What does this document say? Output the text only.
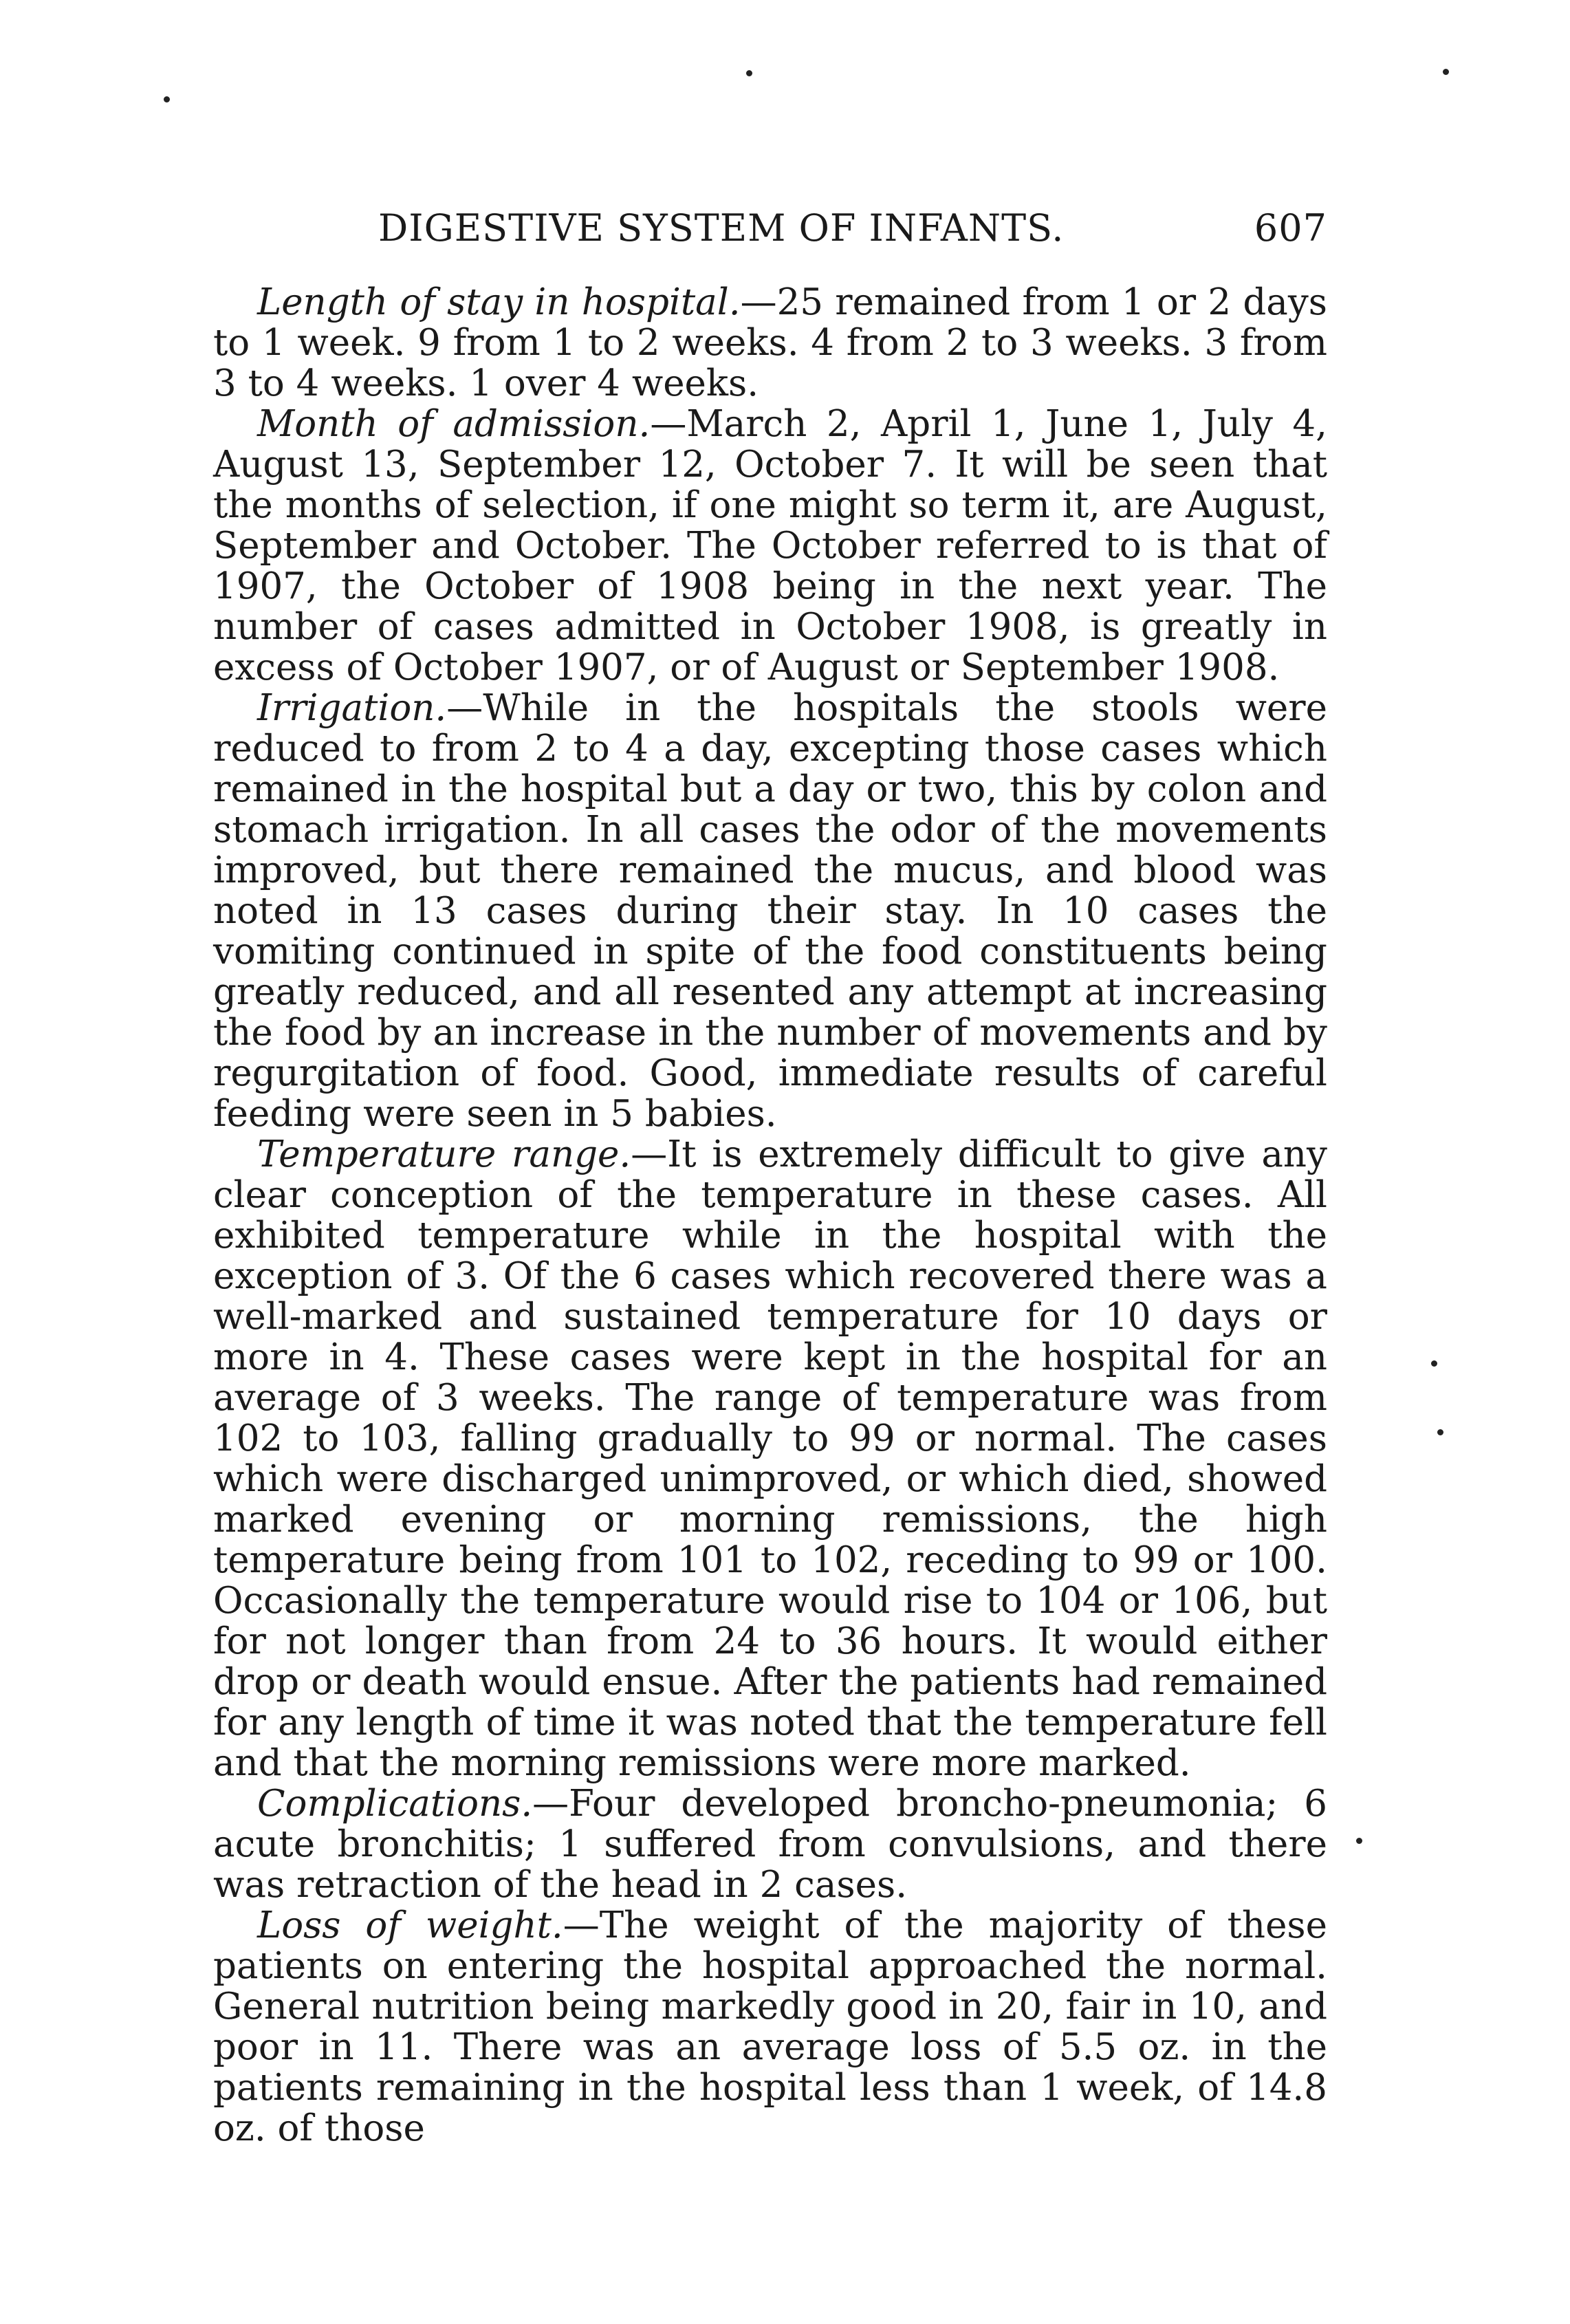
DIGESTIVE SYSTEM OF INFANTS.	607

Length of stay in hospital.—25 remained from 1 or 2 days to 1 week. 9 from 1 to 2 weeks. 4 from 2 to 3 weeks. 3 from 3 to 4 weeks. 1 over 4 weeks.

Month of admission.—March 2, April 1, June 1, July 4, August 13, September 12, October 7. It will be seen that the months of selection, if one might so term it, are August, September and October. The October referred to is that of 1907, the October of 1908 being in the next year. The number of cases admitted in October 1908, is greatly in excess of October 1907, or of August or September 1908.

Irrigation.—While in the hospitals the stools were reduced to from 2 to 4 a day, excepting those cases which remained in the hospital but a day or two, this by colon and stomach irrigation. In all cases the odor of the movements improved, but there remained the mucus, and blood was noted in 13 cases during their stay. In 10 cases the vomiting continued in spite of the food constituents being greatly reduced, and all resented any attempt at increasing the food by an increase in the number of movements and by regurgitation of food. Good, immediate results of careful feeding were seen in 5 babies.

Temperature range.—It is extremely difficult to give any clear conception of the temperature in these cases. All exhibited temperature while in the hospital with the exception of 3. Of the 6 cases which recovered there was a well-marked and sustained temperature for 10 days or more in 4. These cases were kept in the hospital for an average of 3 weeks. The range of temperature was from 102 to 103, falling gradually to 99 or normal. The cases which were discharged unimproved, or which died, showed marked evening or morning remissions, the high temperature being from 101 to 102, receding to 99 or 100. Occasionally the temperature would rise to 104 or 106, but for not longer than from 24 to 36 hours. It would either drop or death would ensue. After the patients had remained for any length of time it was noted that the temperature fell and that the morning remissions were more marked.

Complications.—Four developed broncho-pneumonia; 6 acute bronchitis; 1 suffered from convulsions, and there was retraction of the head in 2 cases.

Loss of weight.—The weight of the majority of these patients on entering the hospital approached the normal. General nutrition being markedly good in 20, fair in 10, and poor in 11. There was an average loss of 5.5 oz. in the patients remaining in the hospital less than 1 week, of 14.8 oz. of those
